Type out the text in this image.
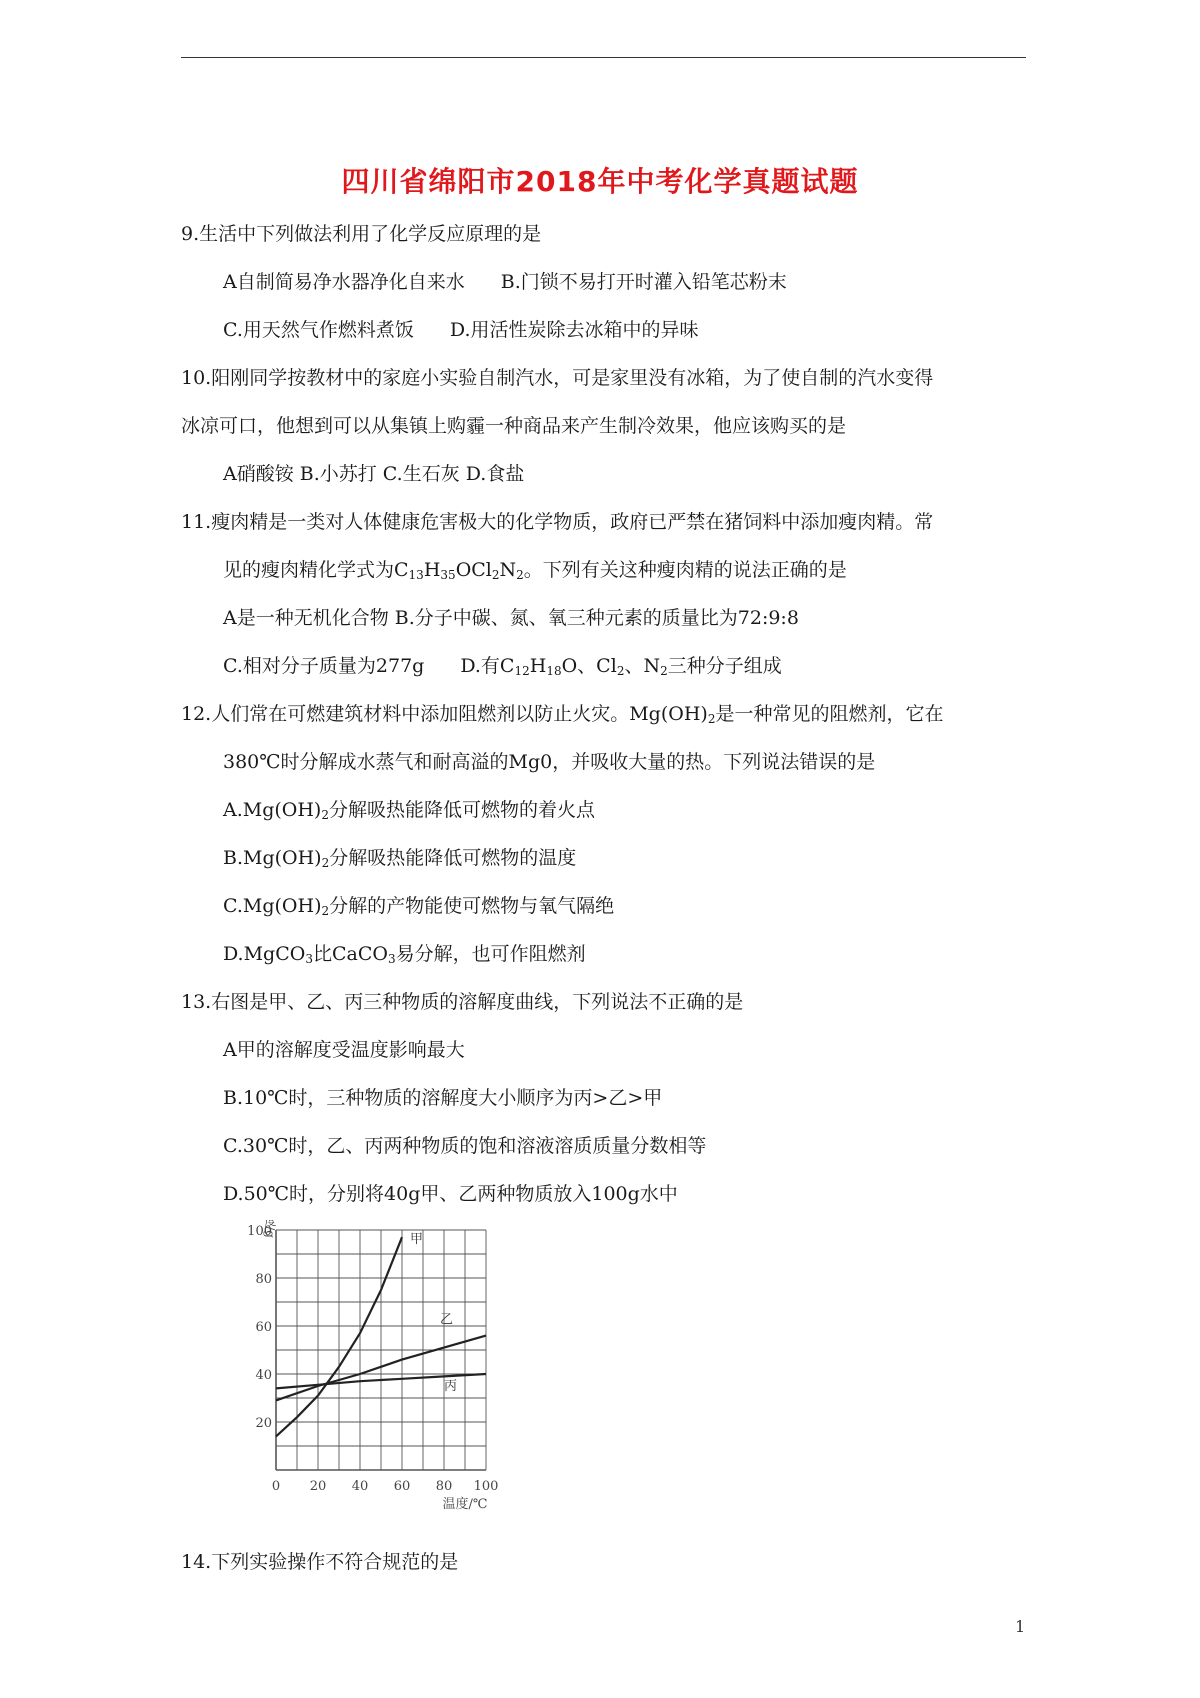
四川省绵阳市2018年中考化学真题试题
9.生活中下列做法利用了化学反应原理的是
A自制简易净水器净化自来水 B.门锁不易打开时灌入铅笔芯粉末
C.用天然气作燃料煮饭 D.用活性炭除去冰箱中的异味
10.阳刚同学按教材中的家庭小实验自制汽水，可是家里没有冰箱，为了使自制的汽水变得
冰凉可口，他想到可以从集镇上购霾一种商品来产生制冷效果，他应该购买的是
A硝酸铵 B.小苏打 C.生石灰 D.食盐
11.瘦肉精是一类对人体健康危害极大的化学物质，政府已严禁在猪饲料中添加瘦肉精。常
见的瘦肉精化学式为$C_{13}H_{35}OCl_2N_2$。下列有关这种瘦肉精的说法正确的是
A是一种无机化合物 B.分子中碳、氮、氧三种元素的质量比为72:9:8
C.相对分子质量为277g D.有$C_{12}H_{18}O$、$Cl_2$、$N_2$三种分子组成
12.人们常在可燃建筑材料中添加阻燃剂以防止火灾。$Mg(OH)_2$是一种常见的阻燃剂，它在
380℃时分解成水蒸气和耐高溢的Mg0，并吸收大量的热。下列说法错误的是
$A.Mg(OH)_2$分解吸热能降低可燃物的着火点
$B.Mg(OH)_2$分解吸热能降低可燃物的温度
$C.Mg(OH)_2$分解的产物能使可燃物与氧气隔绝
D.MgCO$_3$比CaCO$_3$易分解，也可作阻燃剂
13.右图是甲、乙、丙三种物质的溶解度曲线，下列说法不正确的是
A甲的溶解度受温度影响最大
B.10℃时，三种物质的溶解度大小顺序为丙>乙>甲
C.30℃时，乙、丙两种物质的饱和溶液溶质质量分数相等
D.50℃时，分别将40g甲、乙两种物质放入100g水中
0 20 40 60 80 100
20
40
60
80
100
温度/℃
甲
乙
丙
14.下列实验操作不符合规范的是
1
